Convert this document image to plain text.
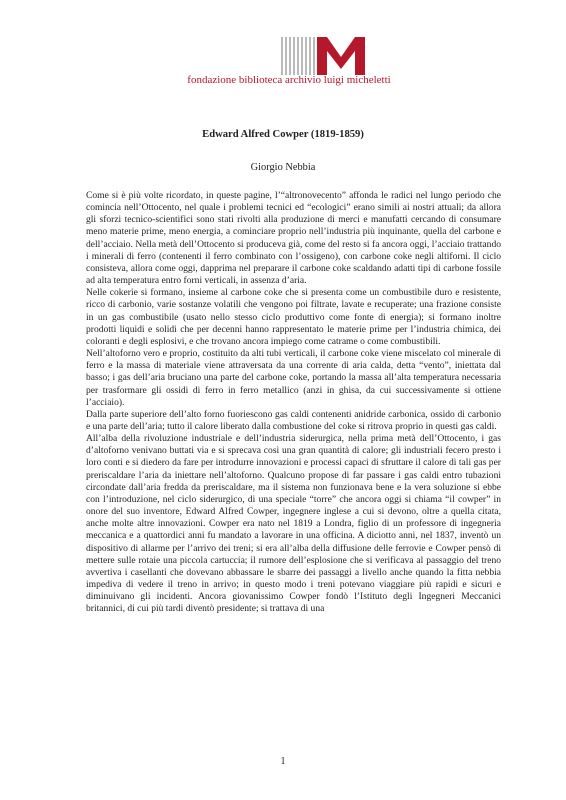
fondazione biblioteca archivio luigi micheletti
Edward Alfred Cowper (1819-1859)
Giorgio Nebbia

Come si è più volte ricordato, in queste pagine, l’“altronovecento” affonda le radici nel lungo periodo che comincia nell’Ottocento, nel quale i problemi tecnici ed “ecologici” erano simili ai nostri attuali; da allora gli sforzi tecnico-scientifici sono stati rivolti alla produzione di merci e manufatti cercando di consumare meno materie prime, meno energia, a cominciare proprio nell’industria più inquinante, quella del carbone e dell’acciaio. Nella metà dell’Ottocento si produceva già, come del resto si fa ancora oggi, l’acciaio trattando i minerali di ferro (contenenti il ferro combinato con l’ossigeno), con carbone coke negli altiforni. Il ciclo consisteva, allora come oggi, dapprima nel preparare il carbone coke scaldando adatti tipi di carbone fossile ad alta temperatura entro forni verticali, in assenza d’aria.

Nelle cokerie si formano, insieme al carbone coke che si presenta come un combustibile duro e resistente, ricco di carbonio, varie sostanze volatili che vengono poi filtrate, lavate e recuperate; una frazione consiste in un gas combustibile (usato nello stesso ciclo produttivo come fonte di energia); si formano inoltre prodotti liquidi e solidi che per decenni hanno rappresentato le materie prime per l’industria chimica, dei coloranti e degli esplosivi, e che trovano ancora impiego come catrame o come combustibili.

Nell’altoforno vero e proprio, costituito da alti tubi verticali, il carbone coke viene miscelato col minerale di ferro e la massa di materiale viene attraversata da una corrente di aria calda, detta “vento”, iniettata dal basso; i gas dell’aria bruciano una parte del carbone coke, portando la massa all’alta temperatura necessaria per trasformare gli ossidi di ferro in ferro metallico (anzi in ghisa, da cui successivamente si ottiene l’acciaio).

Dalla parte superiore dell’alto forno fuoriescono gas caldi contenenti anidride carbonica, ossido di carbonio e una parte dell’aria; tutto il calore liberato dalla combustione del coke si ritrova proprio in questi gas caldi.

All’alba della rivoluzione industriale e dell’industria siderurgica, nella prima metà dell’Ottocento, i gas d’altoforno venivano buttati via e si sprecava così una gran quantità di calore; gli industriali fecero presto i loro conti e si diedero da fare per introdurre innovazioni e processi capaci di sfruttare il calore di tali gas per preriscaldare l’aria da iniettare nell’altoforno. Qualcuno propose di far passare i gas caldi entro tubazioni circondate dall’aria fredda da preriscaldare, ma il sistema non funzionava bene e la vera soluzione si ebbe con l’introduzione, nel ciclo siderurgico, di una speciale “torre” che ancora oggi si chiama “il cowper” in onore del suo inventore, Edward Alfred Cowper, ingegnere inglese a cui si devono, oltre a quella citata, anche molte altre innovazioni. Cowper era nato nel 1819 a Londra, figlio di un professore di ingegneria meccanica e a quattordici anni fu mandato a lavorare in una officina. A diciotto anni, nel 1837, inventò un dispositivo di allarme per l’arrivo dei treni; si era all’alba della diffusione delle ferrovie e Cowper pensò di mettere sulle rotaie una piccola cartuccia; il rumore dell’esplosione che si verificava al passaggio del treno avvertiva i casellanti che dovevano abbassare le sbarre dei passaggi a livello anche quando la fitta nebbia impediva di vedere il treno in arrivo; in questo modo i treni potevano viaggiare più rapidi e sicuri e diminuivano gli incidenti. Ancora giovanissimo Cowper fondò l’Istituto degli Ingegneri Meccanici britannici, di cui più tardi diventò presidente; si trattava di una

1
